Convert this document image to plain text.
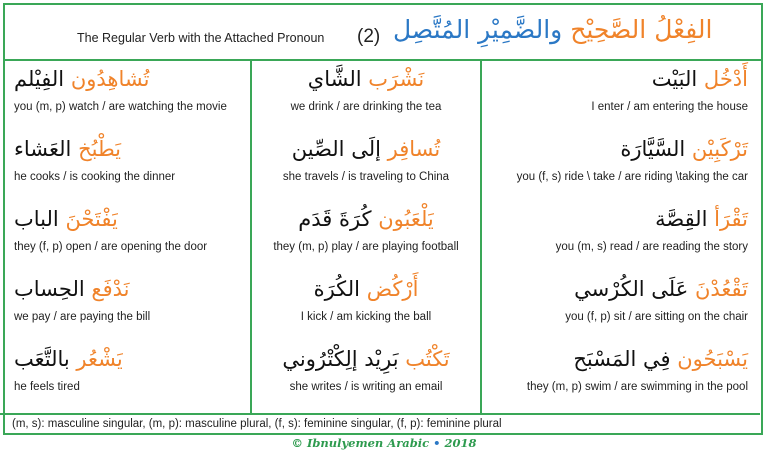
The Regular Verb with the Attached Pronoun (2)	الفِعْلُ الصَّحِيْح والضَّمِيْرِ المُتَّصِل
تُشاهِدُون الفِيْلم
you (m, p) watch / are watching the movie
يَطْبُخ العَشاء
he cooks / is cooking the dinner
يَفْتَحْنَ الباب
they (f, p) open / are opening the door
نَدْفَع الحِساب
we pay / are paying the bill
يَشْعُر بالتَّعَب
he feels tired
نَشْرَب الشَّاي
we drink / are drinking the tea
تُسافِر إلَى الصِّين
she travels / is traveling to China
يَلْعَبُون كُرَةَ قَدَم
they (m, p) play / are playing football
أَرْكُض الكُرَة
I kick / am kicking the ball
تَكْتُب بَرِيْد إلِكْتْرُوني
she writes / is writing an email
أَدْخُل البَيْت
I enter / am entering the house
تَرْكَبِيْن السَّيَّارَة
you (f, s) ride \ take / are riding \taking the car
تَقْرَأ القِصَّة
you (m, s) read / are reading the story
تَقْعُدْنَ عَلَى الكُرْسي
you (f, p) sit / are sitting on the chair
يَسْبَحُون فِي المَسْبَح
they (m, p) swim / are swimming in the pool
(m, s): masculine singular, (m, p): masculine plural, (f, s): feminine singular, (f, p): feminine plural
© Ibnulyemen Arabic • 2018
